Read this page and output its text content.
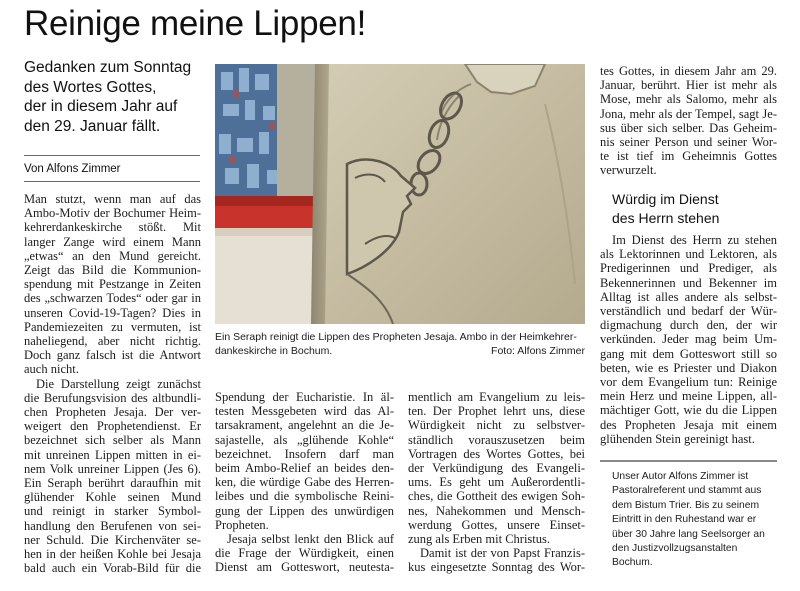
Reinige meine Lippen!
Gedanken zum Sonntag
des Wortes Gottes,
der in diesem Jahr auf
den 29. Januar fällt.
Von Alfons Zimmer
Ein Seraph reinigt die Lippen des Propheten Jesaja. Ambo in der Heimkehrer-
dankeskirche in Bochum.	Foto: Alfons Zimmer
Man stutzt, wenn man auf das
Ambo-Motiv der Bochumer Heim-
kehrerdankeskirche stößt. Mit
langer Zange wird einem Mann
„etwas“ an den Mund gereicht.
Zeigt das Bild die Kommunion-
spendung mit Pestzange in Zeiten
des „schwarzen Todes“ oder gar in
unseren Covid-19-Tagen? Dies in
Pandemiezeiten zu vermuten, ist
naheliegend, aber nicht richtig.
Doch ganz falsch ist die Antwort
auch nicht.
Die Darstellung zeigt zunächst
die Berufungsvision des altbundli-
chen Propheten Jesaja. Der ver-
weigert den Prophetendienst. Er
bezeichnet sich selber als Mann
mit unreinen Lippen mitten in ei-
nem Volk unreiner Lippen (Jes 6).
Ein Seraph berührt daraufhin mit
glühender Kohle seinen Mund
und reinigt in starker Symbol-
handlung den Berufenen von sei-
ner Schuld. Die Kirchenväter se-
hen in der heißen Kohle bei Jesaja
bald auch ein Vorab-Bild für die
Spendung der Eucharistie. In äl-
testen Messgebeten wird das Al-
tarsakrament, angelehnt an die Je-
sajastelle, als „glühende Kohle“
bezeichnet. Insofern darf man
beim Ambo-Relief an beides den-
ken, die würdige Gabe des Herren-
leibes und die symbolische Reini-
gung der Lippen des unwürdigen
Propheten.
Jesaja selbst lenkt den Blick auf
die Frage der Würdigkeit, einen
Dienst am Gotteswort, neutesta-
mentlich am Evangelium zu leis-
ten. Der Prophet lehrt uns, diese
Würdigkeit nicht zu selbstver-
ständlich vorauszusetzen beim
Vortragen des Wortes Gottes, bei
der Verkündigung des Evangeli-
ums. Es geht um Außerordentli-
ches, die Gottheit des ewigen Soh-
nes, Nahekommen und Mensch-
werdung Gottes, unsere Einset-
zung als Erben mit Christus.
Damit ist der von Papst Franzis-
kus eingesetzte Sonntag des Wor-
tes Gottes, in diesem Jahr am 29.
Januar, berührt. Hier ist mehr als
Mose, mehr als Salomo, mehr als
Jona, mehr als der Tempel, sagt Je-
sus über sich selber. Das Geheim-
nis seiner Person und seiner Wor-
te ist tief im Geheimnis Gottes
verwurzelt.
Würdig im Dienst
des Herrn stehen
Im Dienst des Herrn zu stehen
als Lektorinnen und Lektoren, als
Predigerinnen und Prediger, als
Bekennerinnen und Bekenner im
Alltag ist alles andere als selbst-
verständlich und bedarf der Wür-
digmachung durch den, der wir
verkünden. Jeder mag beim Um-
gang mit dem Gotteswort still so
beten, wie es Priester und Diakon
vor dem Evangelium tun: Reinige
mein Herz und meine Lippen, all-
mächtiger Gott, wie du die Lippen
des Propheten Jesaja mit einem
glühenden Stein gereinigt hast.
Unser Autor Alfons Zimmer ist
Pastoralreferent und stammt aus
dem Bistum Trier. Bis zu seinem
Eintritt in den Ruhestand war er
über 30 Jahre lang Seelsorger an
den Justizvollzugsanstalten
Bochum.
